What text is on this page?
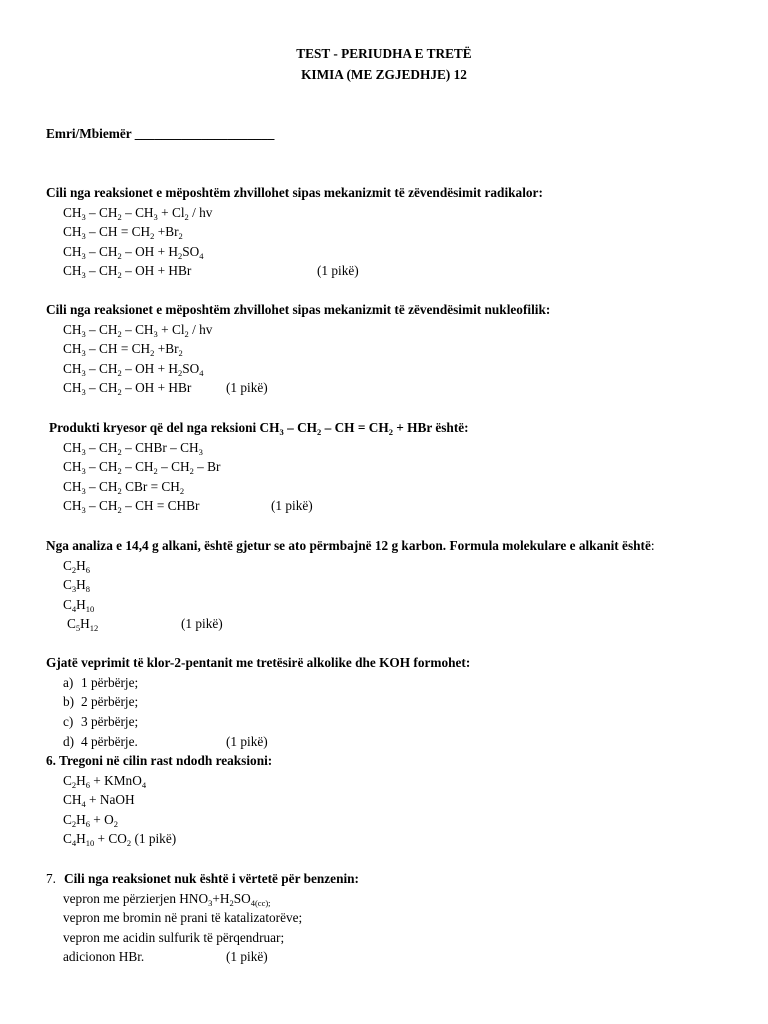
TEST - PERIUDHA E TRETË
KIMIA (ME ZGJEDHJE) 12
Emri/Mbiemër _____________________
Cili nga reaksionet e mëposhtëm zhvillohet sipas mekanizmit të zëvendësimit radikalor:
$CH_3 - CH_2 - CH_3 + Cl_2$ / hv
$CH_3$ – CH = $CH_2 +Br_2$
$CH_3 - CH_2$ – OH + $H_2SO_4$
$CH_3 - CH_2$ – OH + HBr	(1 pikë)
Cili nga reaksionet e mëposhtëm zhvillohet sipas mekanizmit të zëvendësimit nukleofilik:
$CH_3 - CH_2 - CH_3 + Cl_2$ / hv
$CH_3$ – CH = $CH_2 +Br_2$
$CH_3 - CH_2$ – OH + $H_2SO_4$
$CH_3 - CH_2$ – OH + HBr	(1 pikë)
Produkti kryesor që del nga reksioni $CH_3 - CH_2$ – CH = $CH_2$ + HBr është:
$CH_3 - CH_2$ – CHBr – $CH_3$
$CH_3 - CH_2 - CH_2 - CH_2$ – Br
$CH_3 - CH_2$ CBr = $CH_2$
$CH_3 - CH_2$ – CH = CHBr	(1 pikë)
Nga analiza e 14,4 g alkani, është gjetur se ato përmbajnë 12 g karbon. Formula molekulare e alkanit është:
$C_2H_6$
$C_3H_8$
$C_4H_{10}$
$C_5H_{12}$	(1 pikë)
Gjatë veprimit të klor-2-pentanit me tretësirë alkolike dhe KOH formohet:
a) 1 përbërje;
b) 2 përbërje;
c) 3 përbërje;
d) 4 përbërje.	(1 pikë)
6. Tregoni në cilin rast ndodh reaksioni:
$C_2H_6$ + KMnO$_4$
$CH_4$ + NaOH
$C_2H_6 + O_2$
$C_4H_{10} + CO_2$ (1 pikë)
7. Cili nga reaksionet nuk është i vërtetë për benzenin:
vepron me përzierjen $HNO_3+H_2SO_{4(cc);}$
vepron me bromin në prani të katalizatorëve;
vepron me acidin sulfurik të përqendruar;
adicionon HBr.	(1 pikë)
